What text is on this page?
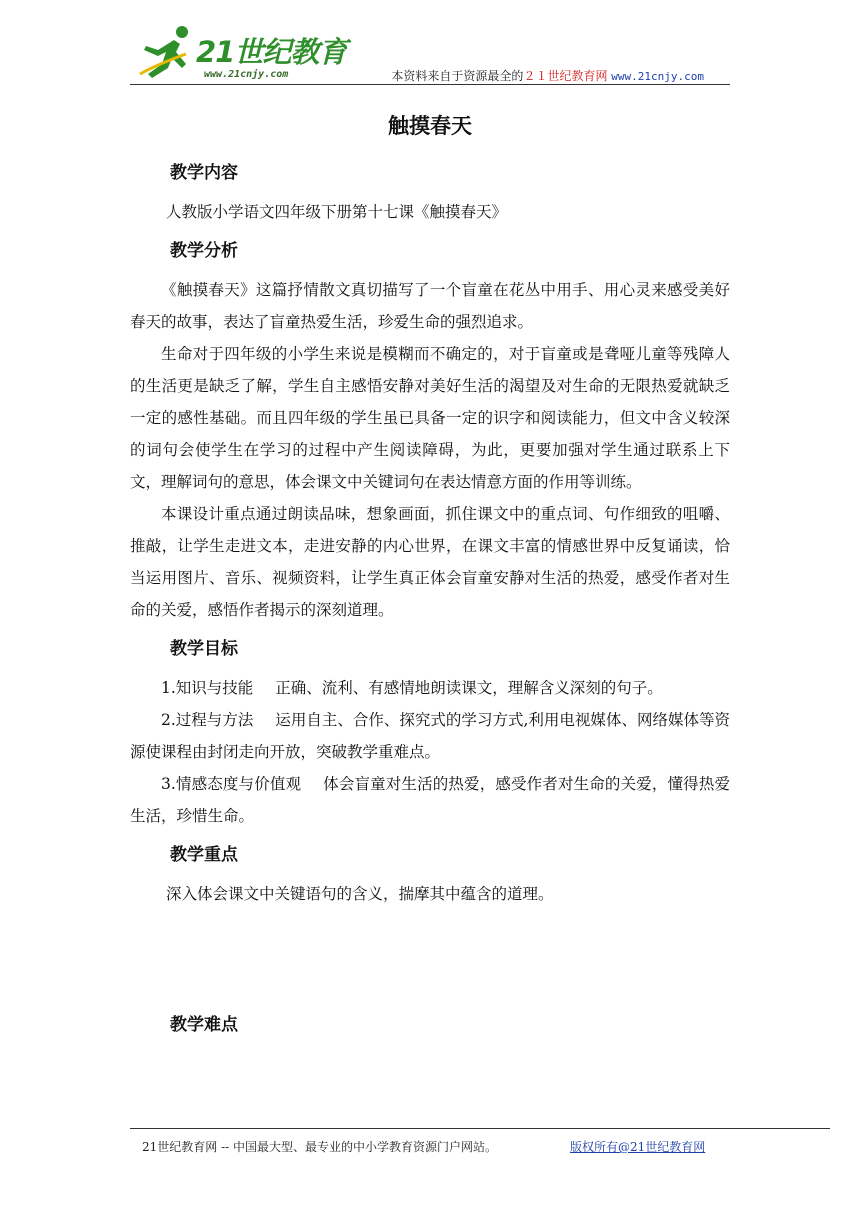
21世纪教育
www.21cnjy.com	本资料来自于资源最全的２１世纪教育网 www.21cnjy.com
触摸春天
教学内容

人教版小学语文四年级下册第十七课《触摸春天》

教学分析

《触摸春天》这篇抒情散文真切描写了一个盲童在花丛中用手、用心灵来感受美好春天的故事，表达了盲童热爱生活，珍爱生命的强烈追求。

生命对于四年级的小学生来说是模糊而不确定的，对于盲童或是聋哑儿童等残障人的生活更是缺乏了解，学生自主感悟安静对美好生活的渴望及对生命的无限热爱就缺乏一定的感性基础。而且四年级的学生虽已具备一定的识字和阅读能力，但文中含义较深的词句会使学生在学习的过程中产生阅读障碍，为此，更要加强对学生通过联系上下文，理解词句的意思，体会课文中关键词句在表达情意方面的作用等训练。

本课设计重点通过朗读品味，想象画面，抓住课文中的重点词、句作细致的咀嚼、推敲，让学生走进文本，走进安静的内心世界，在课文丰富的情感世界中反复诵读，恰当运用图片、音乐、视频资料，让学生真正体会盲童安静对生活的热爱，感受作者对生命的关爱，感悟作者揭示的深刻道理。

教学目标

1.知识与技能 正确、流利、有感情地朗读课文，理解含义深刻的句子。

2.过程与方法 运用自主、合作、探究式的学习方式,利用电视媒体、网络媒体等资源使课程由封闭走向开放，突破教学重难点。

3.情感态度与价值观 体会盲童对生活的热爱，感受作者对生命的关爱，懂得热爱生活，珍惜生命。

教学重点

深入体会课文中关键语句的含义，揣摩其中蕴含的道理。

教学难点
21世纪教育网 -- 中国最大型、最专业的中小学教育资源门户网站。	版权所有@21世纪教育网
